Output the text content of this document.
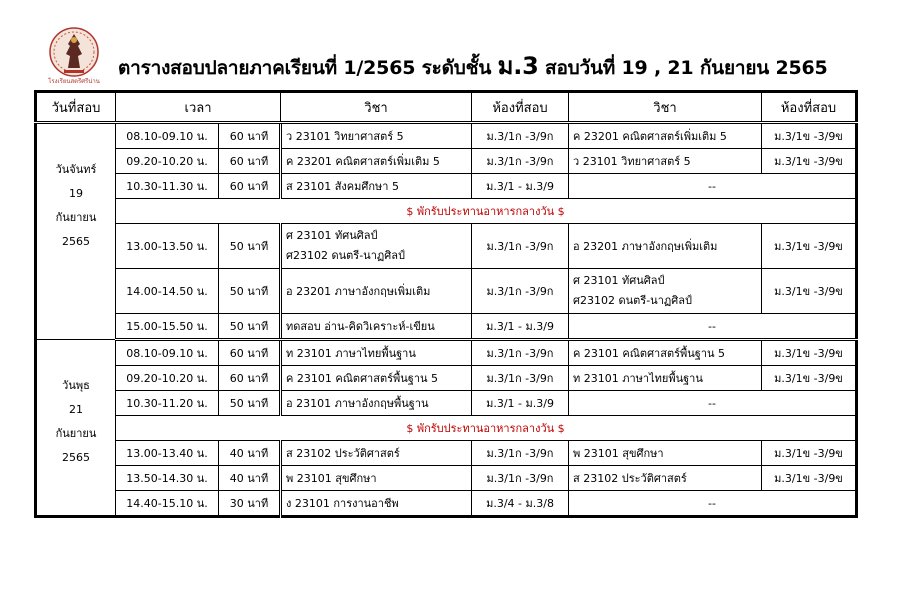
โรงเรียนสตรีศรีน่าน
ตารางสอบปลายภาคเรียนที่ 1/2565 ระดับชั้น ม.3 สอบวันที่ 19 , 21 กันยายน 2565
วันที่สอบ	เวลา		วิชา	ห้องที่สอบ	วิชา	ห้องที่สอบ

วันจันทร์
19
กันยายน
2565	08.10-09.10 น.	60 นาที	ว 23101 วิทยาศาสตร์ 5	ม.3/1ก -3/9ก	ค 23201 คณิตศาสตร์เพิ่มเติม 5	ม.3/1ข -3/9ข
	09.20-10.20 น.	60 นาที	ค 23201 คณิตศาสตร์เพิ่มเติม 5	ม.3/1ก -3/9ก	ว 23101 วิทยาศาสตร์ 5	ม.3/1ข -3/9ข
	10.30-11.30 น.	60 นาที	ส 23101 สังคมศึกษา 5	ม.3/1 - ม.3/9	--	
	$ พักรับประทานอาหารกลางวัน $					
	13.00-13.50 น.	50 นาที	ศ 23101 ทัศนศิลป์
ศ23102 ดนตรี-นาฏศิลป์	ม.3/1ก -3/9ก	อ 23201 ภาษาอังกฤษเพิ่มเติม	ม.3/1ข -3/9ข
	14.00-14.50 น.	50 นาที	อ 23201 ภาษาอังกฤษเพิ่มเติม	ม.3/1ก -3/9ก	ศ 23101 ทัศนศิลป์
ศ23102 ดนตรี-นาฏศิลป์	ม.3/1ข -3/9ข
	15.00-15.50 น.	50 นาที	ทดสอบ อ่าน-คิดวิเคราะห์-เขียน	ม.3/1 - ม.3/9	--	

วันพุธ
21
กันยายน
2565	08.10-09.10 น.	60 นาที	ท 23101 ภาษาไทยพื้นฐาน	ม.3/1ก -3/9ก	ค 23101 คณิตศาสตร์พื้นฐาน 5	ม.3/1ข -3/9ข
	09.20-10.20 น.	60 นาที	ค 23101 คณิตศาสตร์พื้นฐาน 5	ม.3/1ก -3/9ก	ท 23101 ภาษาไทยพื้นฐาน	ม.3/1ข -3/9ข
	10.30-11.20 น.	50 นาที	อ 23101 ภาษาอังกฤษพื้นฐาน	ม.3/1 - ม.3/9	--	
	$ พักรับประทานอาหารกลางวัน $					
	13.00-13.40 น.	40 นาที	ส 23102 ประวัติศาสตร์	ม.3/1ก -3/9ก	พ 23101 สุขศึกษา	ม.3/1ข -3/9ข
	13.50-14.30 น.	40 นาที	พ 23101 สุขศึกษา	ม.3/1ก -3/9ก	ส 23102 ประวัติศาสตร์	ม.3/1ข -3/9ข
	14.40-15.10 น.	30 นาที	ง 23101 การงานอาชีพ	ม.3/4 - ม.3/8	--	
